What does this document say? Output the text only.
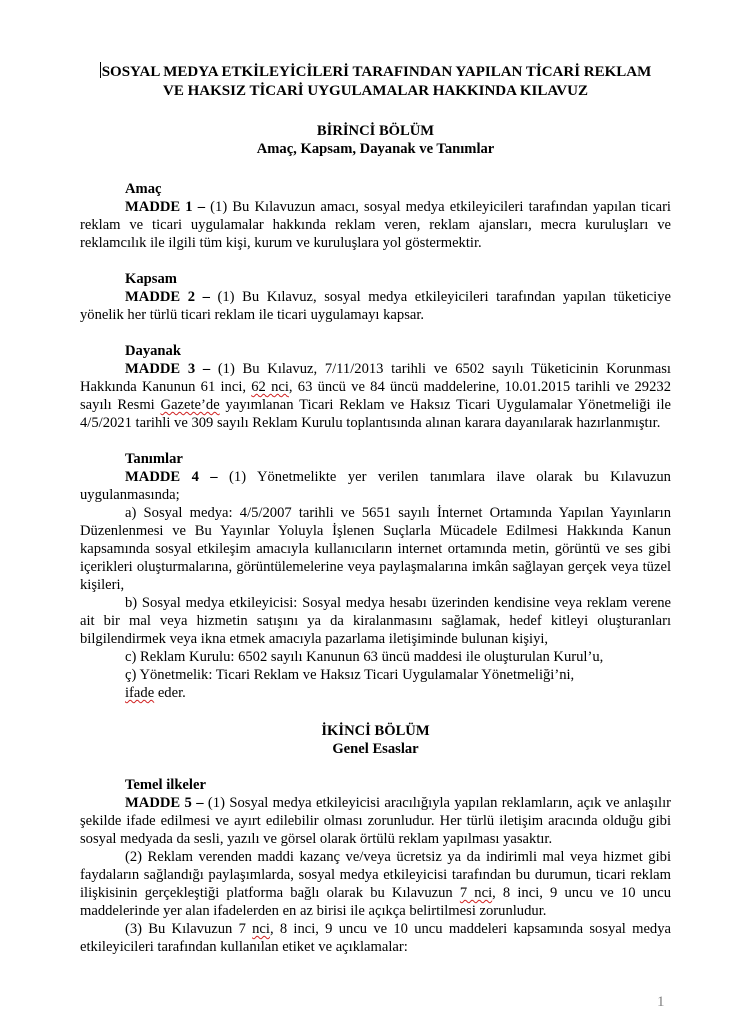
SOSYAL MEDYA ETKİLEYİCİLERİ TARAFINDAN YAPILAN TİCARİ REKLAM
VE HAKSIZ TİCARİ UYGULAMALAR HAKKINDA KILAVUZ
BİRİNCİ BÖLÜM
Amaç, Kapsam, Dayanak ve Tanımlar
Amaç

MADDE 1 – (1) Bu Kılavuzun amacı, sosyal medya etkileyicileri tarafından yapılan ticari reklam ve ticari uygulamalar hakkında reklam veren, reklam ajansları, mecra kuruluşları ve reklamcılık ile ilgili tüm kişi, kurum ve kuruluşlara yol göstermektir.

Kapsam

MADDE 2 – (1) Bu Kılavuz, sosyal medya etkileyicileri tarafından yapılan tüketiciye yönelik her türlü ticari reklam ile ticari uygulamayı kapsar.

Dayanak

MADDE 3 – (1) Bu Kılavuz, 7/11/2013 tarihli ve 6502 sayılı Tüketicinin Korunması Hakkında Kanunun 61 inci, 62 nci, 63 üncü ve 84 üncü maddelerine, 10.01.2015 tarihli ve 29232 sayılı Resmi Gazete’de yayımlanan Ticari Reklam ve Haksız Ticari Uygulamalar Yönetmeliği ile 4/5/2021 tarihli ve 309 sayılı Reklam Kurulu toplantısında alınan karara dayanılarak hazırlanmıştır.

Tanımlar

MADDE 4 – (1) Yönetmelikte yer verilen tanımlara ilave olarak bu Kılavuzun uygulanmasında;

a) Sosyal medya: 4/5/2007 tarihli ve 5651 sayılı İnternet Ortamında Yapılan Yayınların Düzenlenmesi ve Bu Yayınlar Yoluyla İşlenen Suçlarla Mücadele Edilmesi Hakkında Kanun kapsamında sosyal etkileşim amacıyla kullanıcıların internet ortamında metin, görüntü ve ses gibi içerikleri oluşturmalarına, görüntülemelerine veya paylaşmalarına imkân sağlayan gerçek veya tüzel kişileri,

b) Sosyal medya etkileyicisi: Sosyal medya hesabı üzerinden kendisine veya reklam verene ait bir mal veya hizmetin satışını ya da kiralanmasını sağlamak, hedef kitleyi oluşturanları bilgilendirmek veya ikna etmek amacıyla pazarlama iletişiminde bulunan kişiyi,

c) Reklam Kurulu: 6502 sayılı Kanunun 63 üncü maddesi ile oluşturulan Kurul’u,

ç) Yönetmelik: Ticari Reklam ve Haksız Ticari Uygulamalar Yönetmeliği’ni,

ifade eder.

İKİNCİ BÖLÜM
Genel Esaslar
Temel ilkeler

MADDE 5 – (1) Sosyal medya etkileyicisi aracılığıyla yapılan reklamların, açık ve anlaşılır şekilde ifade edilmesi ve ayırt edilebilir olması zorunludur. Her türlü iletişim aracında olduğu gibi sosyal medyada da sesli, yazılı ve görsel olarak örtülü reklam yapılması yasaktır.

(2) Reklam verenden maddi kazanç ve/veya ücretsiz ya da indirimli mal veya hizmet gibi faydaların sağlandığı paylaşımlarda, sosyal medya etkileyicisi tarafından bu durumun, ticari reklam ilişkisinin gerçekleştiği platforma bağlı olarak bu Kılavuzun 7 nci, 8 inci, 9 uncu ve 10 uncu maddelerinde yer alan ifadelerden en az birisi ile açıkça belirtilmesi zorunludur.

(3) Bu Kılavuzun 7 nci, 8 inci, 9 uncu ve 10 uncu maddeleri kapsamında sosyal medya etkileyicileri tarafından kullanılan etiket ve açıklamalar:

1
